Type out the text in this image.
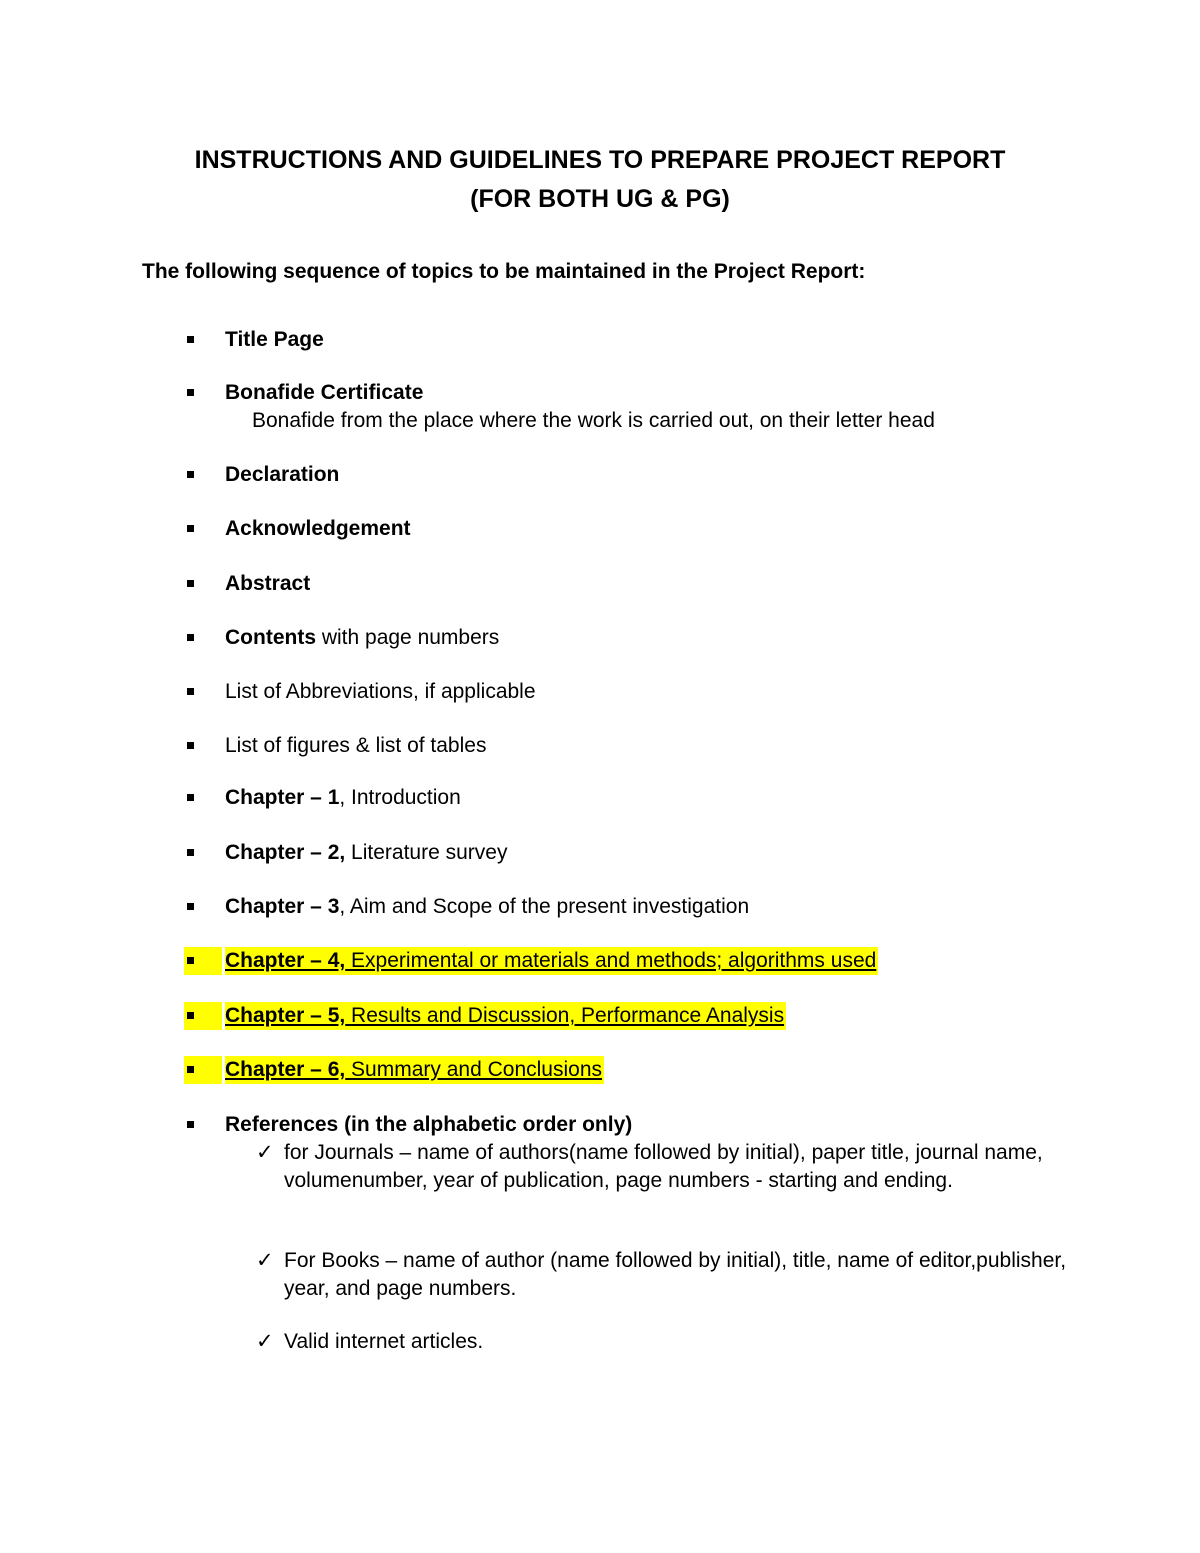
INSTRUCTIONS AND GUIDELINES TO PREPARE PROJECT REPORT
(FOR BOTH UG & PG)
The following sequence of topics to be maintained in the Project Report:
Title Page
Bonafide Certificate
Bonafide from the place where the work is carried out, on their letter head
Declaration
Acknowledgement
Abstract
Contents with page numbers
List of Abbreviations, if applicable
List of figures & list of tables
Chapter – 1, Introduction
Chapter – 2, Literature survey
Chapter – 3, Aim and Scope of the present investigation
Chapter – 4, Experimental or materials and methods; algorithms used
Chapter – 5, Results and Discussion, Performance Analysis
Chapter – 6, Summary and Conclusions
References (in the alphabetic order only)
✓ for Journals – name of authors(name followed by initial), paper title, journal name, volumenumber, year of publication, page numbers - starting and ending.
✓ For Books – name of author (name followed by initial), title, name of editor,publisher, year, and page numbers.
✓ Valid internet articles.
